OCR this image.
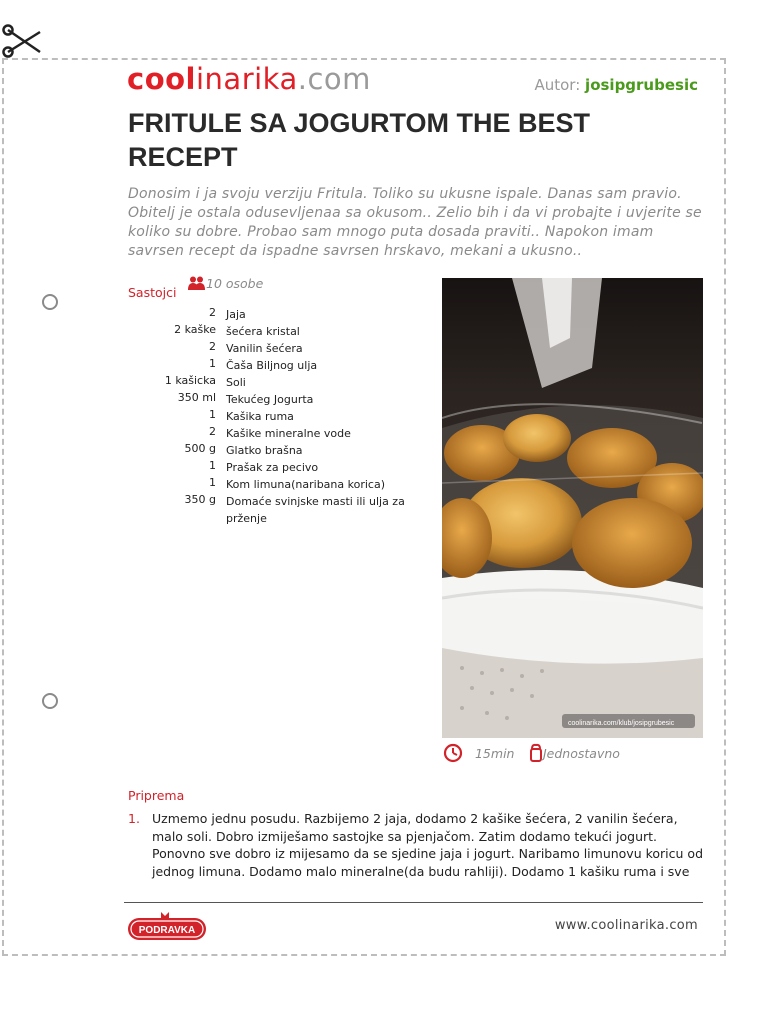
coolinarika.com	Autor: josipgrubesic
FRITULE SA JOGURTOM THE BEST RECEPT

Donosim i ja svoju verziju Fritula. Toliko su ukusne ispale. Danas sam pravio. Obitelj je ostala odusevljenaa sa okusom.. Zelio bih i da vi probajte i uvjerite se koliko su dobre. Probao sam mnogo puta dosada praviti.. Napokon imam savrsen recept da ispadne savrsen hrskavo, mekani a ukusno..

Sastojci
10 osobe
2 Jaja
2 kaške šećera kristal
2 Vanilin šećera
1 Čaša Biljnog ulja
1 kašicka Soli
350 ml Tekućeg Jogurta
1 Kašika ruma
2 Kašike mineralne vode
500 g Glatko brašna
1 Prašak za pecivo
1 Kom limuna(naribana korica)
350 g Domaće svinjske masti ili ulja za prženje
coolinarika.com/klub/josipgrubesic
15min	Jednostavno
Priprema
1. Uzmemo jednu posudu. Razbijemo 2 jaja, dodamo 2 kašike šećera, 2 vanilin šećera, malo soli. Dobro izmiješamo sastojke sa pjenjačom. Zatim dodamo tekući jogurt. Ponovno sve dobro iz mijesamo da se sjedine jaja i jogurt. Naribamo limunovu koricu od jednog limuna. Dodamo malo mineralne(da budu rahliji). Dodamo 1 kašiku ruma i sve
PODRAVKA	www.coolinarika.com
